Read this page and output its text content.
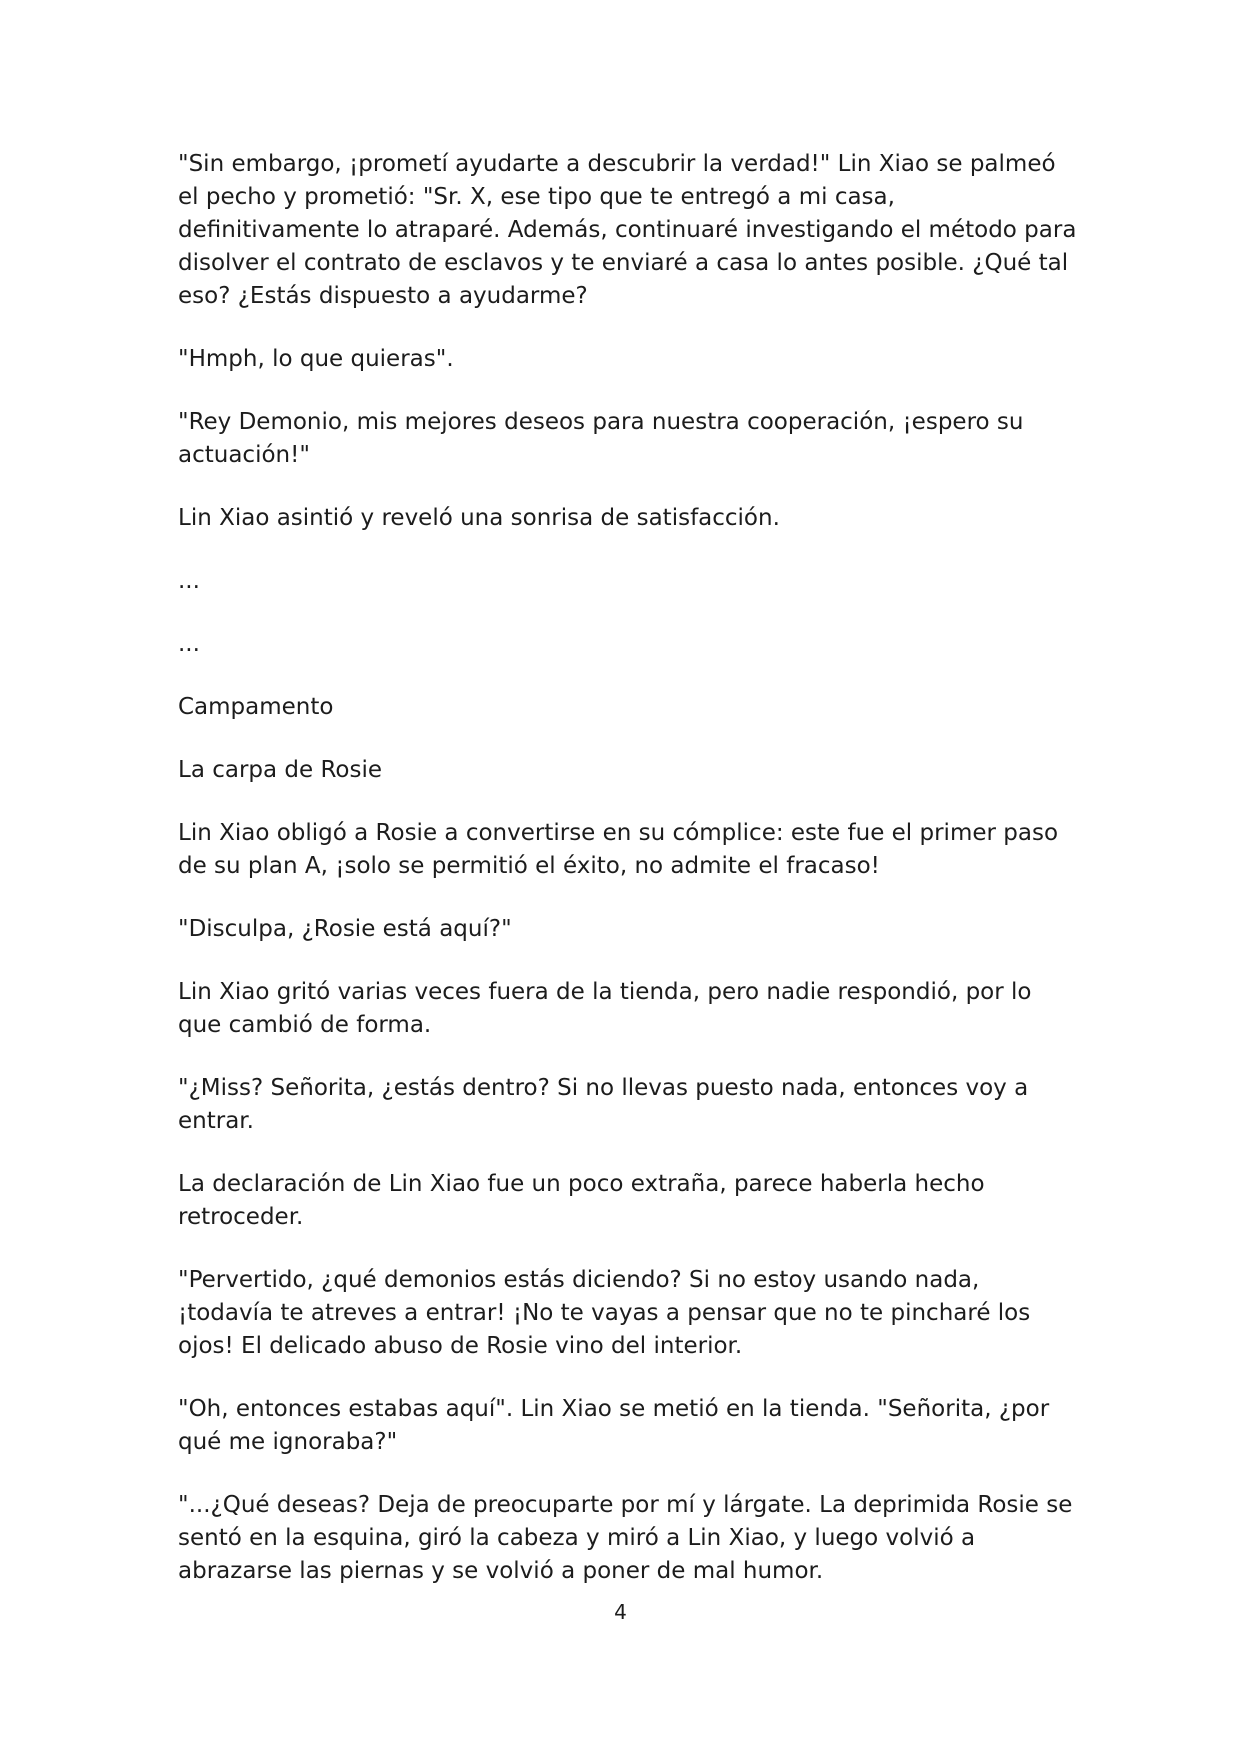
"Sin embargo, ¡prometí ayudarte a descubrir la verdad!" Lin Xiao se palmeó el pecho y prometió: "Sr. X, ese tipo que te entregó a mi casa, definitivamente lo atraparé. Además, continuaré investigando el método para disolver el contrato de esclavos y te enviaré a casa lo antes posible. ¿Qué tal eso? ¿Estás dispuesto a ayudarme?

"Hmph, lo que quieras".

"Rey Demonio, mis mejores deseos para nuestra cooperación, ¡espero su actuación!"

Lin Xiao asintió y reveló una sonrisa de satisfacción.

...

...

Campamento

La carpa de Rosie

Lin Xiao obligó a Rosie a convertirse en su cómplice: este fue el primer paso de su plan A, ¡solo se permitió el éxito, no admite el fracaso!

"Disculpa, ¿Rosie está aquí?"

Lin Xiao gritó varias veces fuera de la tienda, pero nadie respondió, por lo que cambió de forma.

"¿Miss? Señorita, ¿estás dentro? Si no llevas puesto nada, entonces voy a entrar.

La declaración de Lin Xiao fue un poco extraña, parece haberla hecho retroceder.

"Pervertido, ¿qué demonios estás diciendo? Si no estoy usando nada, ¡todavía te atreves a entrar! ¡No te vayas a pensar que no te pincharé los ojos! El delicado abuso de Rosie vino del interior.

"Oh, entonces estabas aquí". Lin Xiao se metió en la tienda. "Señorita, ¿por qué me ignoraba?"

"...¿Qué deseas? Deja de preocuparte por mí y lárgate. La deprimida Rosie se sentó en la esquina, giró la cabeza y miró a Lin Xiao, y luego volvió a abrazarse las piernas y se volvió a poner de mal humor.

4
